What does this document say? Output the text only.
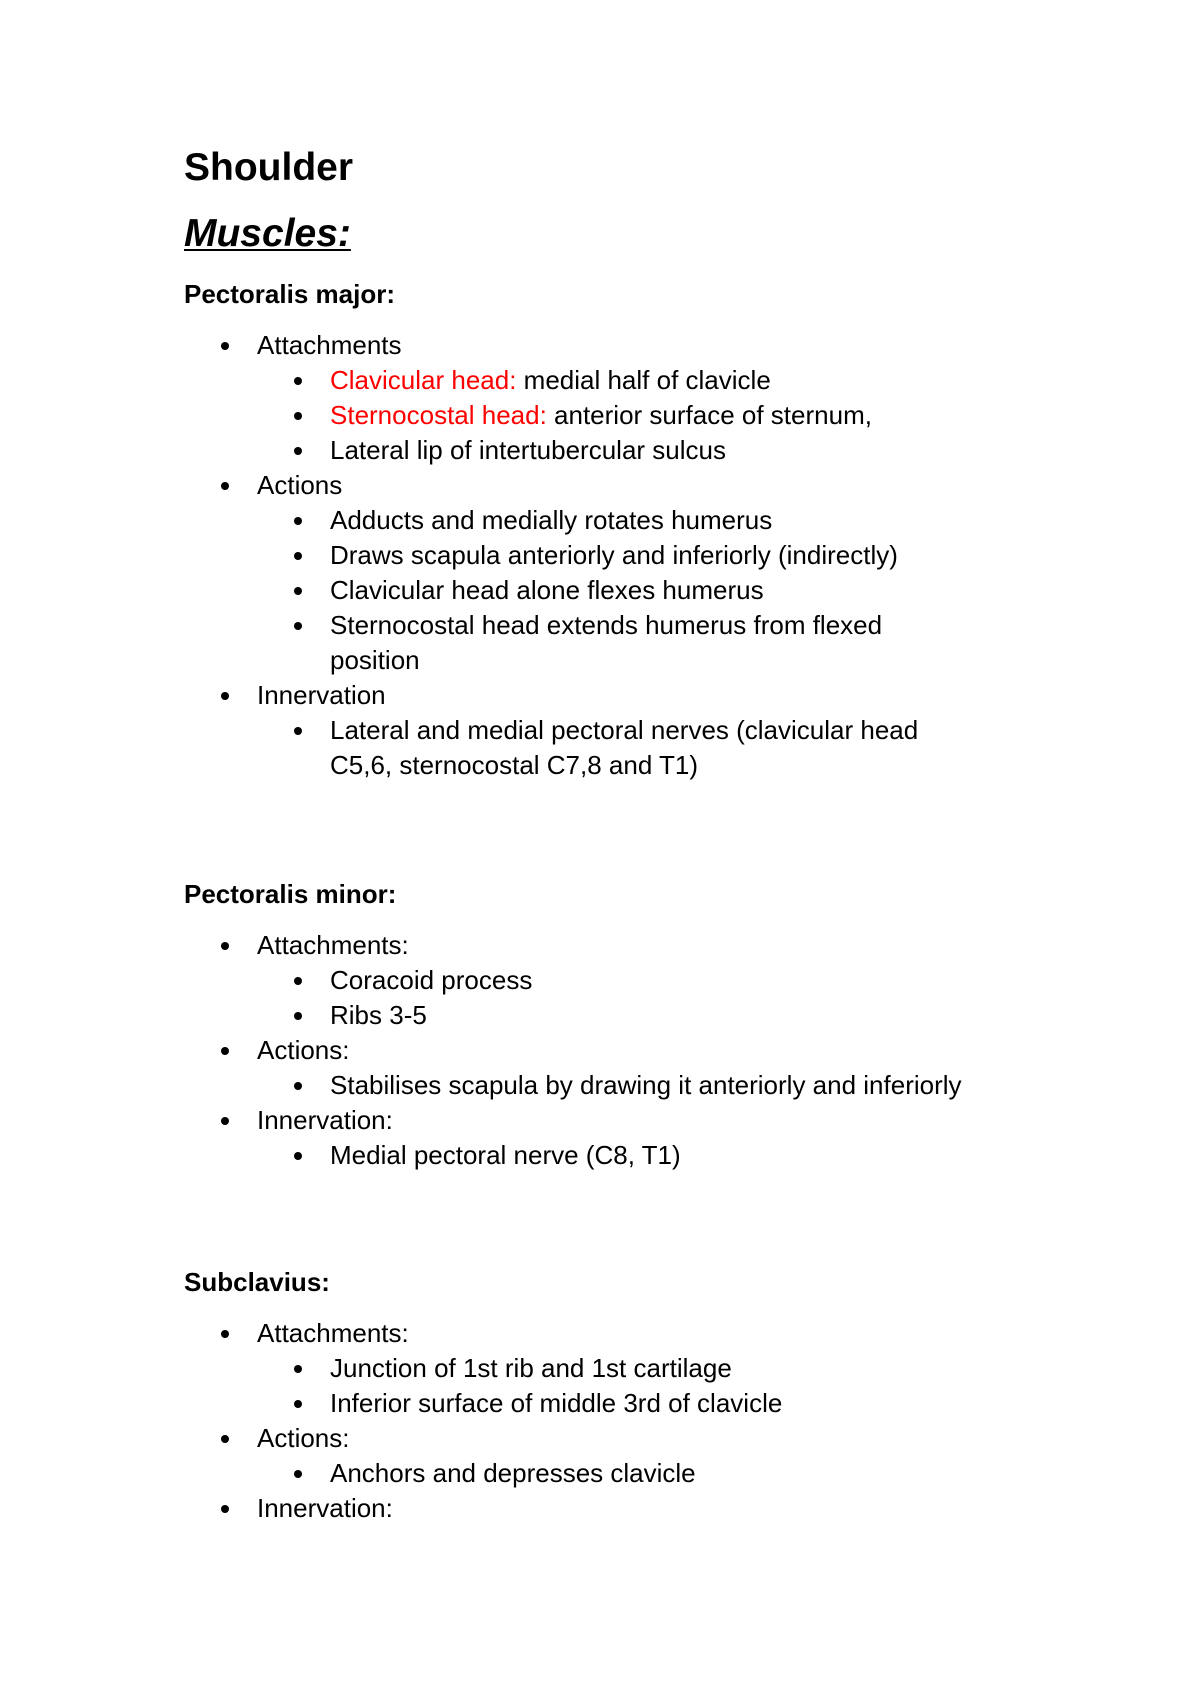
Shoulder
Muscles:
Pectoralis major:
Attachments
Clavicular head: medial half of clavicle
Sternocostal head: anterior surface of sternum,
Lateral lip of intertubercular sulcus
Actions
Adducts and medially rotates humerus
Draws scapula anteriorly and inferiorly (indirectly)
Clavicular head alone flexes humerus
Sternocostal head extends humerus from flexed position
Innervation
Lateral and medial pectoral nerves (clavicular head C5,6, sternocostal C7,8 and T1)
Pectoralis minor:
Attachments:
Coracoid process
Ribs 3-5
Actions:
Stabilises scapula by drawing it anteriorly and inferiorly
Innervation:
Medial pectoral nerve (C8, T1)
Subclavius:
Attachments:
Junction of 1st rib and 1st cartilage
Inferior surface of middle 3rd of clavicle
Actions:
Anchors and depresses clavicle
Innervation:
